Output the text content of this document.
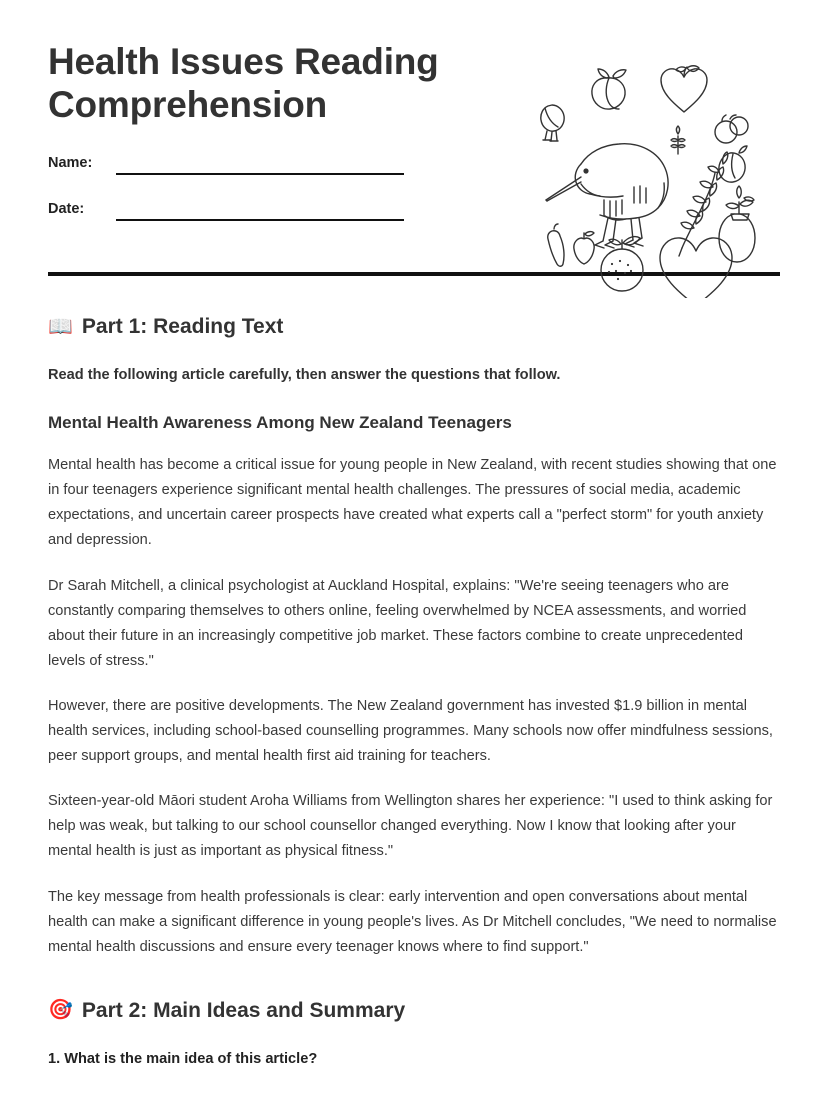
Health Issues Reading Comprehension
Name:
Date:
📖 Part 1: Reading Text

Read the following article carefully, then answer the questions that follow.

Mental Health Awareness Among New Zealand Teenagers

Mental health has become a critical issue for young people in New Zealand, with recent studies showing that one in four teenagers experience significant mental health challenges. The pressures of social media, academic expectations, and uncertain career prospects have created what experts call a "perfect storm" for youth anxiety and depression.

Dr Sarah Mitchell, a clinical psychologist at Auckland Hospital, explains: "We're seeing teenagers who are constantly comparing themselves to others online, feeling overwhelmed by NCEA assessments, and worried about their future in an increasingly competitive job market. These factors combine to create unprecedented levels of stress."

However, there are positive developments. The New Zealand government has invested $1.9 billion in mental health services, including school-based counselling programmes. Many schools now offer mindfulness sessions, peer support groups, and mental health first aid training for teachers.

Sixteen-year-old Māori student Aroha Williams from Wellington shares her experience: "I used to think asking for help was weak, but talking to our school counsellor changed everything. Now I know that looking after your mental health is just as important as physical fitness."

The key message from health professionals is clear: early intervention and open conversations about mental health can make a significant difference in young people's lives. As Dr Mitchell concludes, "We need to normalise mental health discussions and ensure every teenager knows where to find support."

🎯 Part 2: Main Ideas and Summary

1. What is the main idea of this article?
